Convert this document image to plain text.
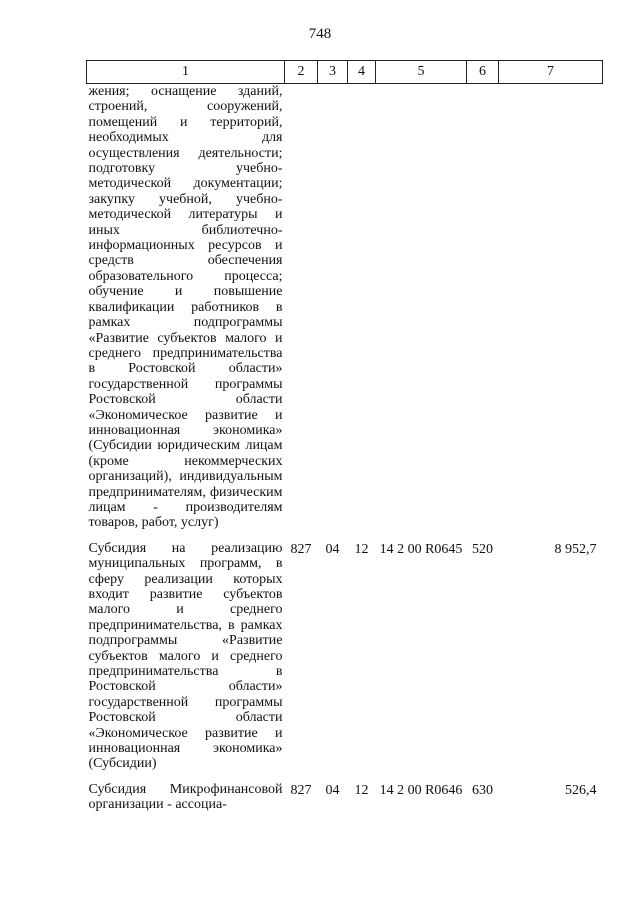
748
1	2	3	4	5	6	7
жения; оснащение зданий, строений, сооружений, помещений и территорий, необходимых для осуществления деятельности; подготовку учебно-методической документации; закупку учебной, учебно-методической литературы и иных библиотечно-информационных ресурсов и средств обеспечения образовательного процесса; обучение и повышение квалификации работников в рамках подпрограммы «Развитие субъектов малого и среднего предпринимательства в Ростовской области» государственной программы Ростовской области «Экономическое развитие и инновационная экономика» (Субсидии юридическим лицам (кроме некоммерческих организаций), индивидуальным предпринимателям, физическим лицам - производителям товаров, работ, услуг)						
Субсидия на реализацию муниципальных программ, в сферу реализации которых входит развитие субъектов малого и среднего предпринимательства, в рамках подпрограммы «Развитие субъектов малого и среднего предпринимательства в Ростовской области» государственной программы Ростовской области «Экономическое развитие и инновационная экономика» (Субсидии)	827	04	12	14 2 00 R0645	520	8 952,7
Субсидия Микрофинансовой организации - ассоциа-	827	04	12	14 2 00 R0646	630	526,4
